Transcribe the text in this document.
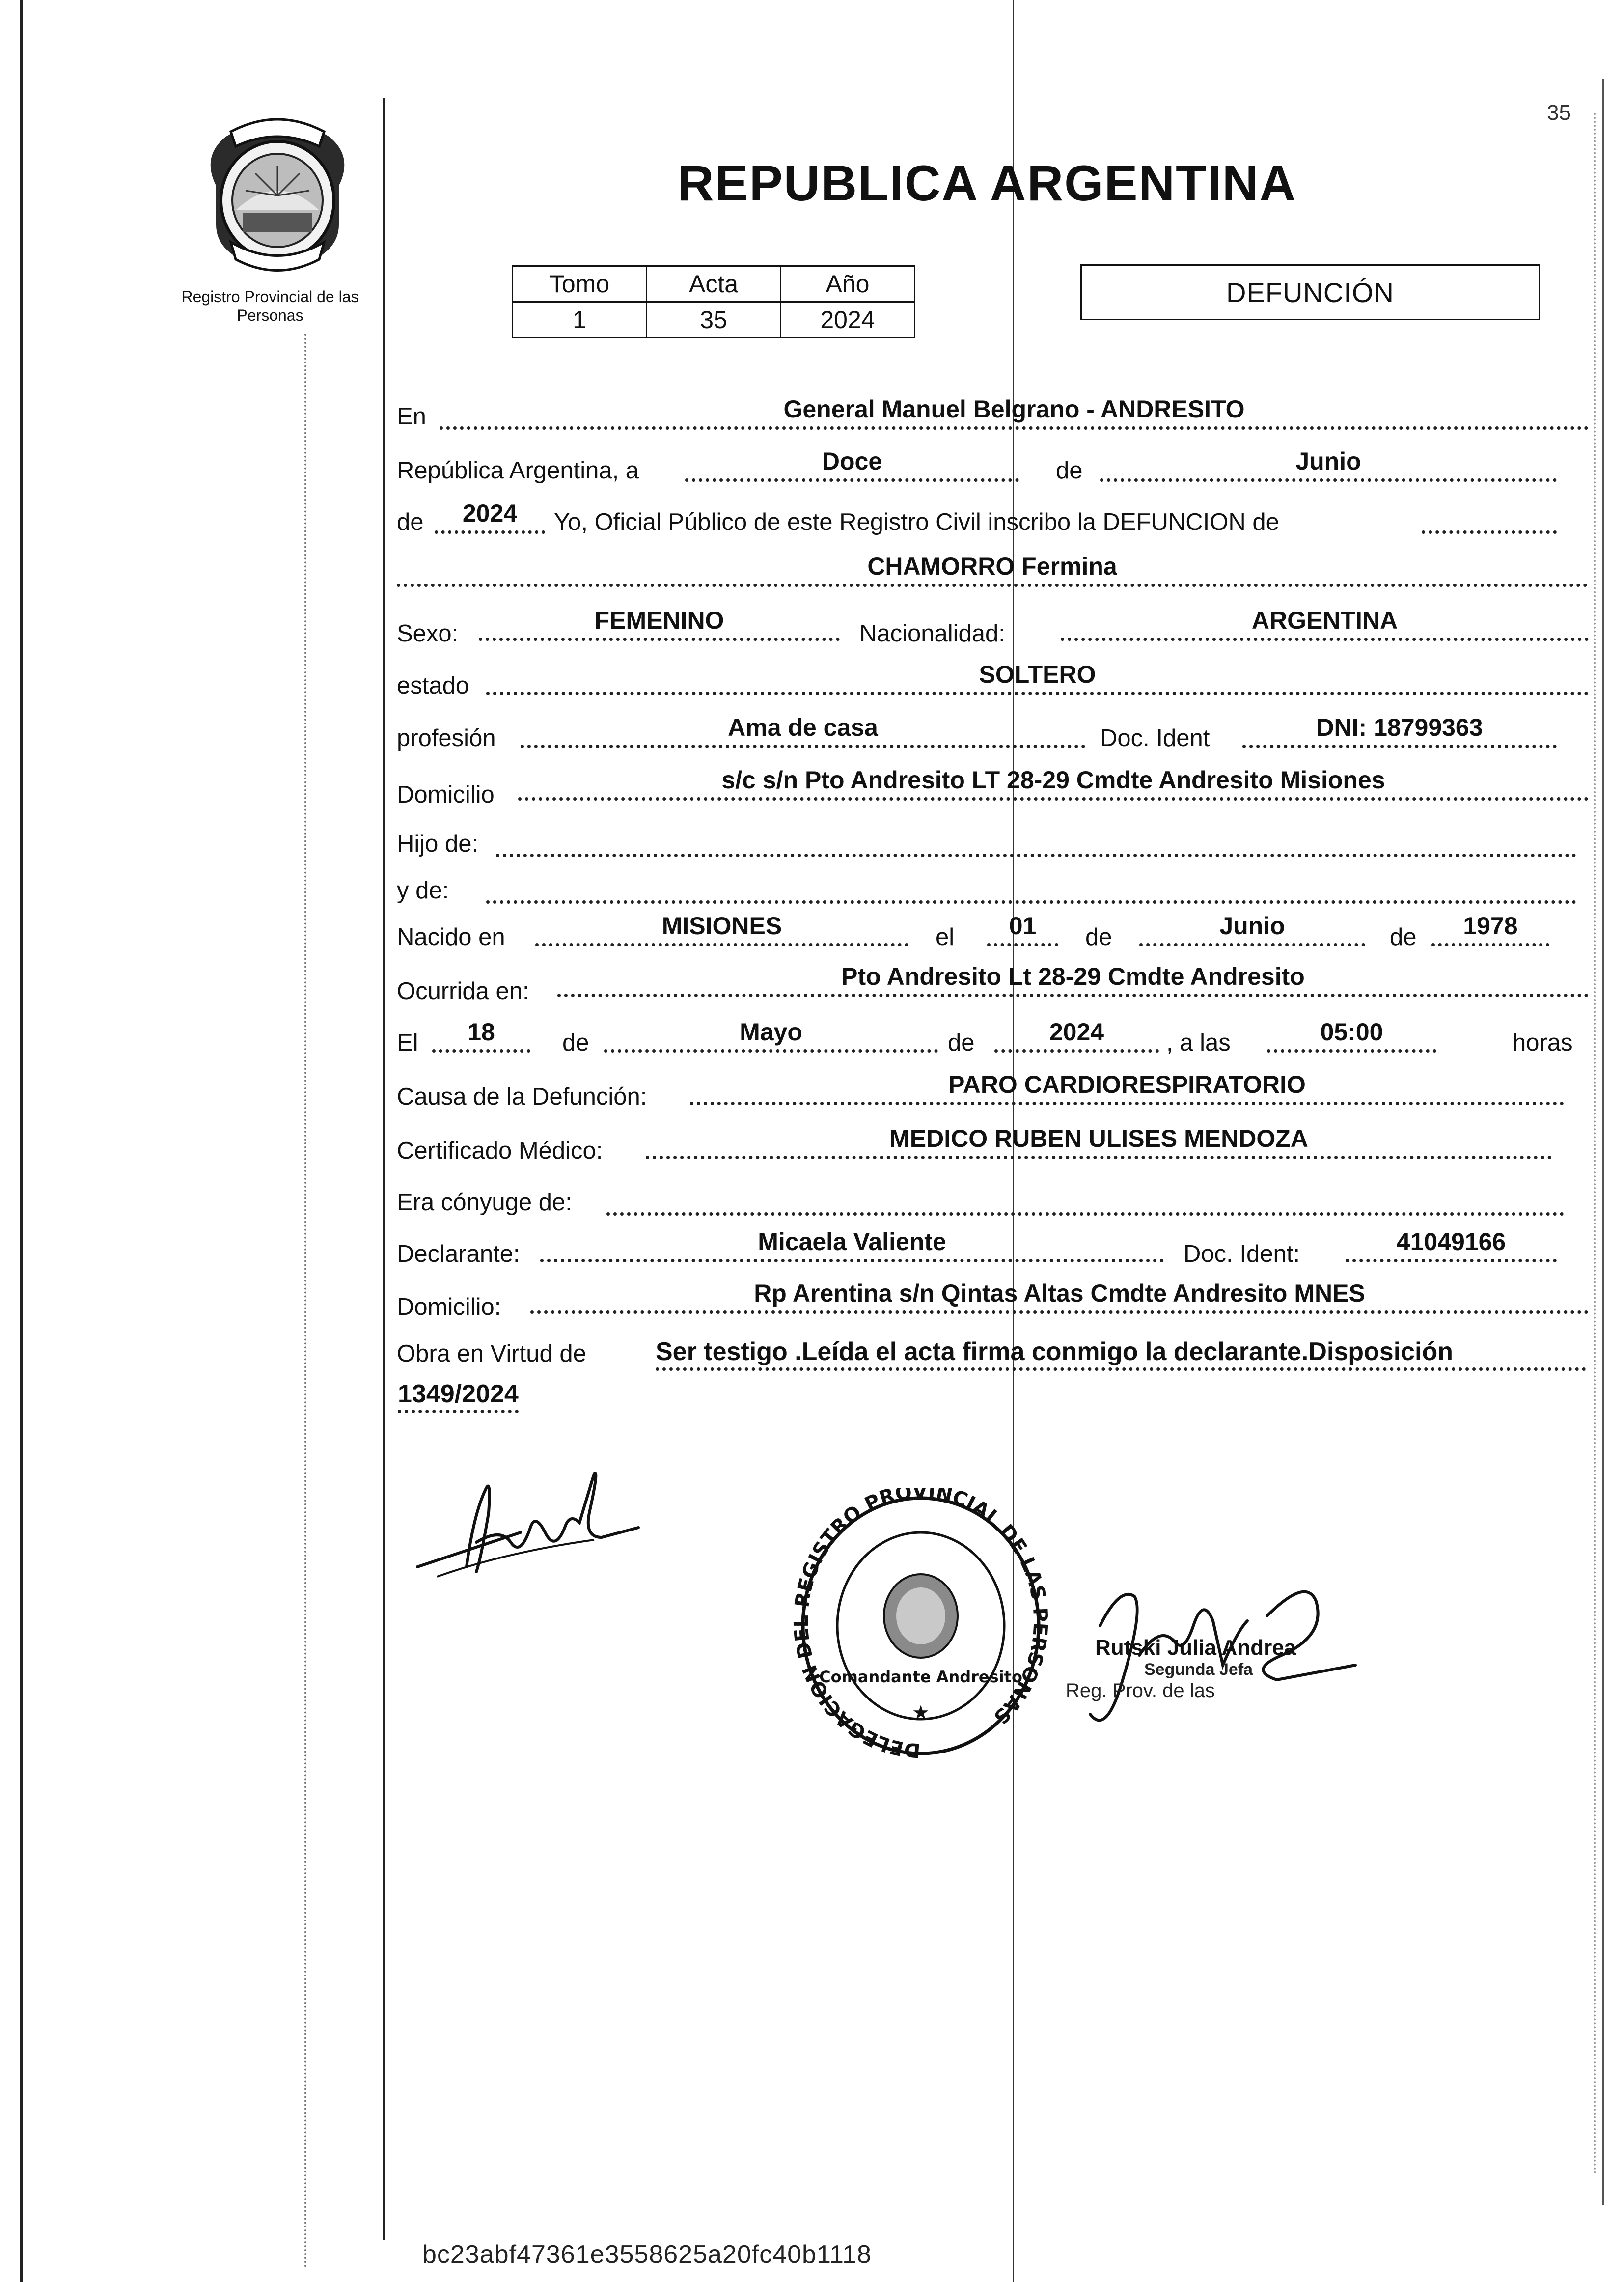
Registro Provincial de las Personas
35
REPUBLICA ARGENTINA
Tomo	Acta	Año
1	35	2024
DEFUNCIÓN
En	General Manuel Belgrano - ANDRESITO
República Argentina, a	Doce	de	Junio
de	2024	Yo, Oficial Público de este Registro Civil inscribo la DEFUNCION de
CHAMORRO Fermina
Sexo:	FEMENINO	Nacionalidad:	ARGENTINA
estado	SOLTERO
profesión	Ama de casa	Doc. Ident	DNI: 18799363
Domicilio
s/c s/n Pto Andresito LT 28-29 Cmdte Andresito Misiones
Hijo de:
y de:
Nacido en	MISIONES	el	01	de	Junio	de	1978
Ocurrida en:
Pto Andresito Lt 28-29 Cmdte Andresito
El	18	de	Mayo	de	2024	, a las	05:00	horas
Causa de la Defunción:	PARO CARDIORESPIRATORIO
Certificado Médico:	MEDICO RUBEN ULISES MENDOZA
Era cónyuge de:
Declarante:	Micaela Valiente	Doc. Ident:	41049166
Domicilio:	Rp Arentina s/n Qintas Altas Cmdte Andresito MNES
Obra en Virtud de	Ser testigo .Leída el acta firma conmigo la declarante.Disposición
1349/2024
DELEGACION D REGISTRO PROVINCIAL DE LAS RSONAS
Comandante Andresito
★
Rutski Julia Andrea
Segunda Jefa
Reg. Prov. de las
bc23abf47361e3558625a20fc40b1118
